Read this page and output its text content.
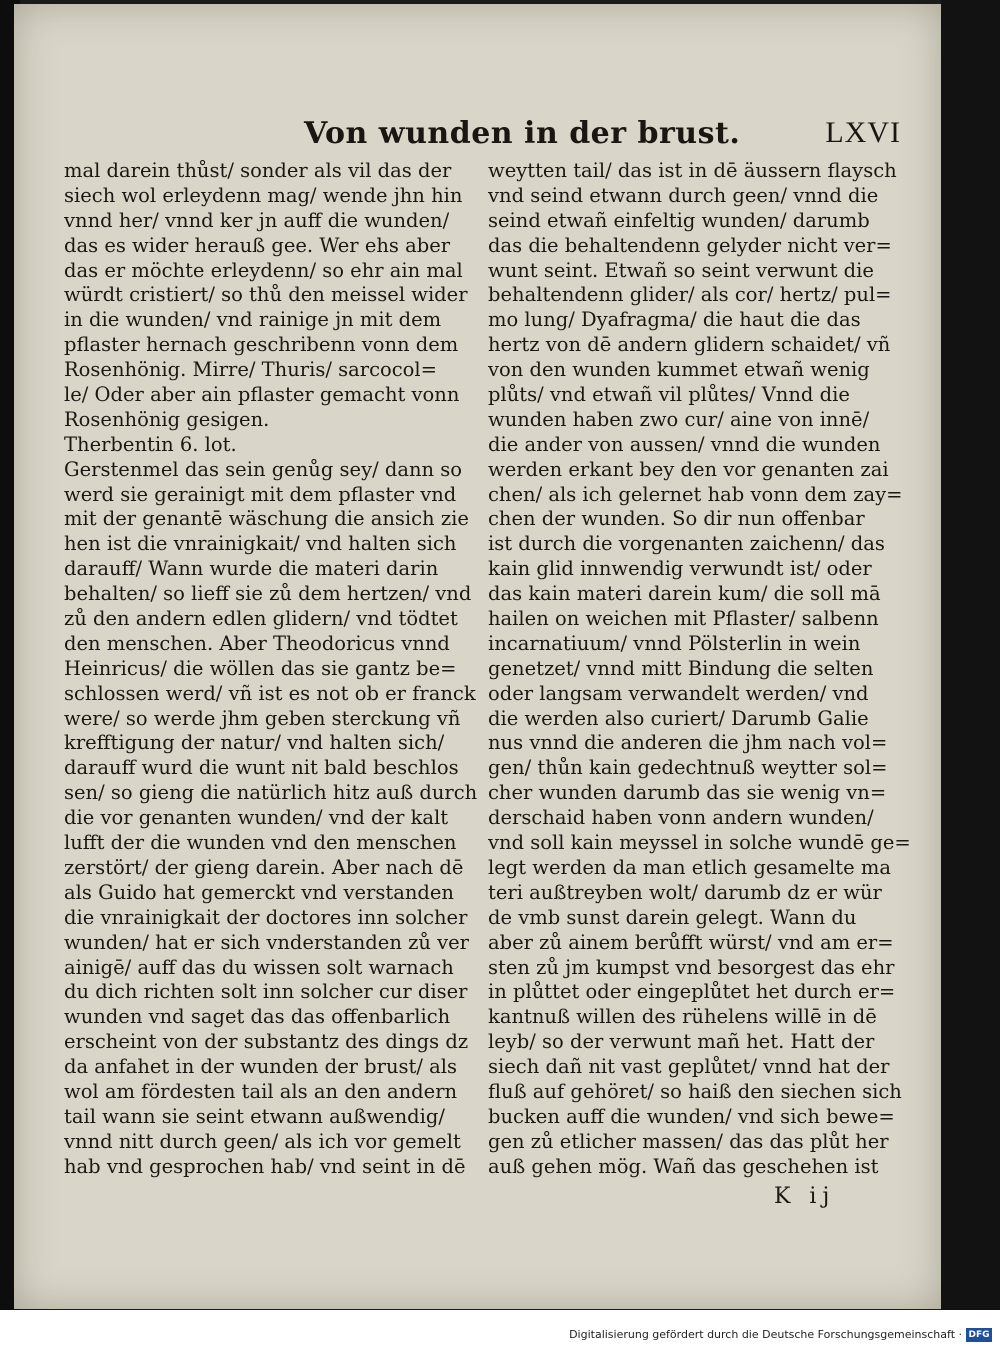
Von wunden in der brust.	LXVI
mal darein thůst/ sonder als vil das der
siech wol erleydenn mag/ wende jhn hin
vnnd her/ vnnd ker jn auff die wunden/
das es wider herauß gee. Wer ehs aber
das er möchte erleydenn/ so ehr ain mal
würdt cristiert/ so thů den meissel wider
in die wunden/ vnd rainige jn mit dem
pflaster hernach geschribenn vonn dem
Rosenhönig. Mirre/ Thuris/ sarcocol=
le/ Oder aber ain pflaster gemacht vonn
Rosenhönig gesigen.
Therbentin 6. lot.
Gerstenmel das sein genůg sey/ dann so
werd sie gerainigt mit dem pflaster vnd
mit der genantē wäschung die ansich zie
hen ist die vnrainigkait/ vnd halten sich
darauff/ Wann wurde die materi darin
behalten/ so lieff sie zů dem hertzen/ vnd
zů den andern edlen glidern/ vnd tödtet
den menschen. Aber Theodoricus vnnd
Heinricus/ die wöllen das sie gantz be=
schlossen werd/ vñ ist es not ob er franck
were/ so werde jhm geben sterckung vñ
krefftigung der natur/ vnd halten sich/
darauff wurd die wunt nit bald beschlos
sen/ so gieng die natürlich hitz auß durch
die vor genanten wunden/ vnd der kalt
lufft der die wunden vnd den menschen
zerstört/ der gieng darein. Aber nach dē
als Guido hat gemerckt vnd verstanden
die vnrainigkait der doctores inn solcher
wunden/ hat er sich vnderstanden zů ver
ainigē/ auff das du wissen solt warnach
du dich richten solt inn solcher cur diser
wunden vnd saget das das offenbarlich
erscheint von der substantz des dings dz
da anfahet in der wunden der brust/ als
wol am fördesten tail als an den andern
tail wann sie seint etwann außwendig/
vnnd nitt durch geen/ als ich vor gemelt
hab vnd gesprochen hab/ vnd seint in dē
weytten tail/ das ist in dē äussern flaysch
vnd seind etwann durch geen/ vnnd die
seind etwañ einfeltig wunden/ darumb
das die behaltendenn gelyder nicht ver=
wunt seint. Etwañ so seint verwunt die
behaltendenn glider/ als cor/ hertz/ pul=
mo lung/ Dyafragma/ die haut die das
hertz von dē andern glidern schaidet/ vñ
von den wunden kummet etwañ wenig
plůts/ vnd etwañ vil plůtes/ Vnnd die
wunden haben zwo cur/ aine von innē/
die ander von aussen/ vnnd die wunden
werden erkant bey den vor genanten zai
chen/ als ich gelernet hab vonn dem zay=
chen der wunden. So dir nun offenbar
ist durch die vorgenanten zaichenn/ das
kain glid innwendig verwundt ist/ oder
das kain materi darein kum/ die soll mā
hailen on weichen mit Pflaster/ salbenn
incarnatiuum/ vnnd Pölsterlin in wein
genetzet/ vnnd mitt Bindung die selten
oder langsam verwandelt werden/ vnd
die werden also curiert/ Darumb Galie
nus vnnd die anderen die jhm nach vol=
gen/ thůn kain gedechtnuß weytter sol=
cher wunden darumb das sie wenig vn=
derschaid haben vonn andern wunden/
vnd soll kain meyssel in solche wundē ge=
legt werden da man etlich gesamelte ma
teri außtreyben wolt/ darumb dz er wür
de vmb sunst darein gelegt. Wann du
aber zů ainem berůfft würst/ vnd am er=
sten zů jm kumpst vnd besorgest das ehr
in plůttet oder eingeplůtet het durch er=
kantnuß willen des rühelens willē in dē
leyb/ so der verwunt mañ het. Hatt der
siech dañ nit vast geplůtet/ vnnd hat der
fluß auf gehöret/ so haiß den siechen sich
bucken auff die wunden/ vnd sich bewe=
gen zů etlicher massen/ das das plůt her
auß gehen mög. Wañ das geschehen ist
K ij
Digitalisierung gefördert durch die Deutsche Forschungsgemeinschaft · DFG
